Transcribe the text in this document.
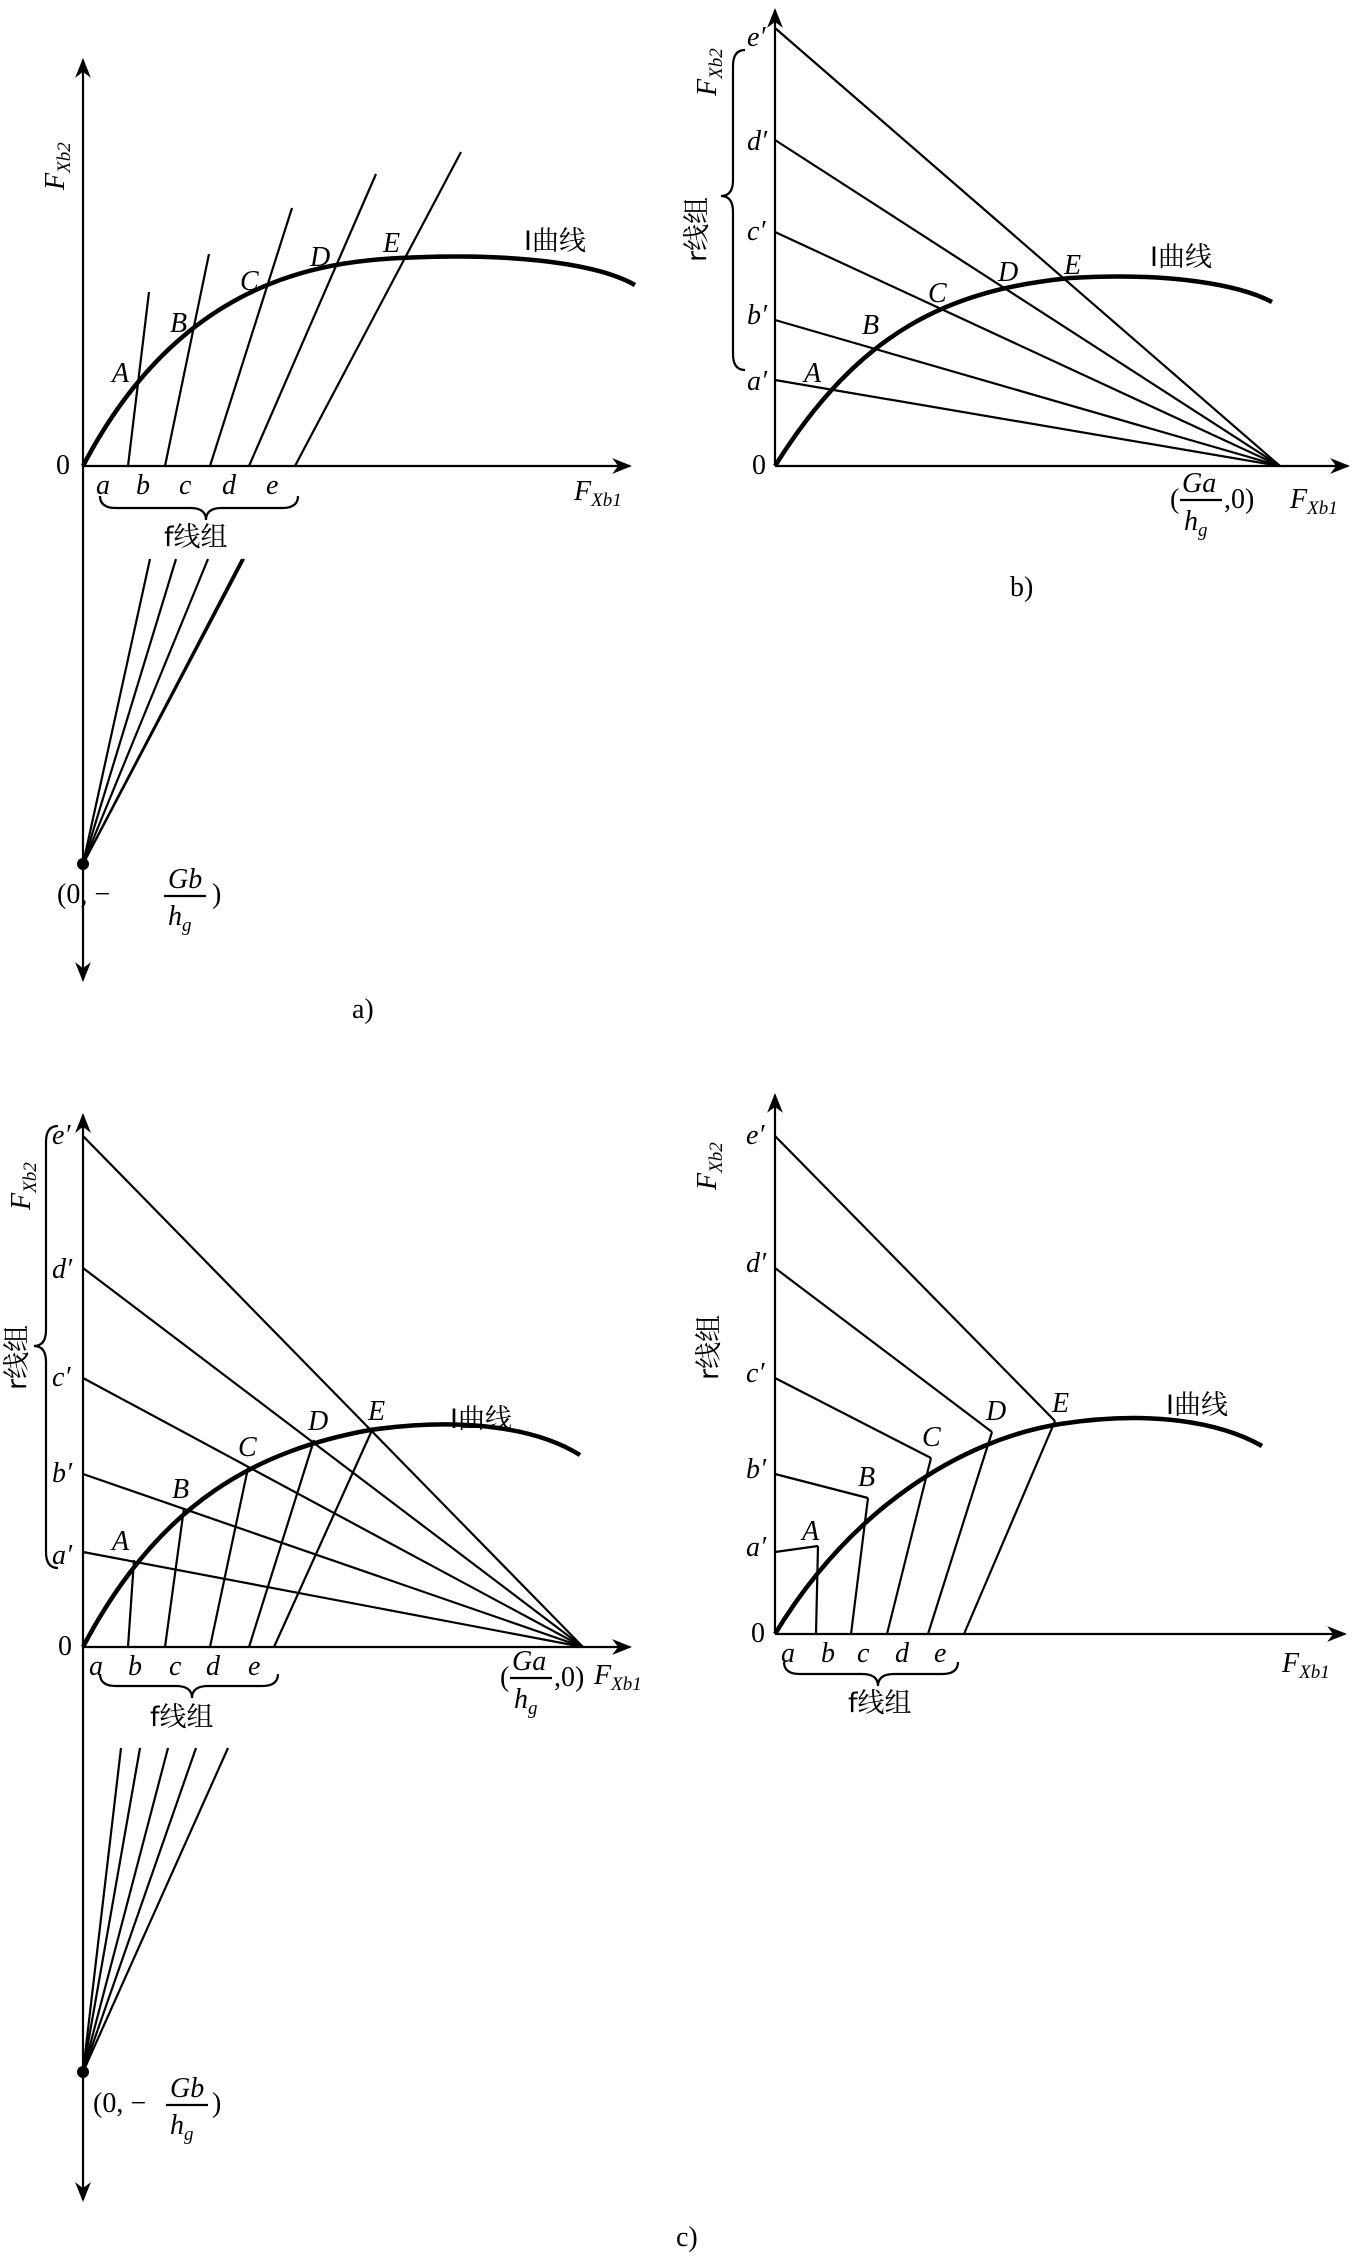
$F_{Xb2}$
$F_{Xb1}$
0
a b c d e
A
B
C
D E	I曲线
f线组
(0, − Gb
$h_g$
)
a)
$F_{Xb2}$
$F_{Xb1}$
0
a′
b′
c′
d′
e′
A
B
C
D E	I曲线
r线组
(
Ga
$h_g$
,0)
b)
$F_{Xb2}$
$F_{Xb1}$
0
a′
b′
c′
d′
e′
a b c d e
A
B
C
D E I曲线
f线组
r线组
(
Ga
$h_g$
,0)
(0, − Gb
$h_g$
)
$F_{Xb2}$
$F_{Xb1}$
0
a′
b′
c′
d′
e′
a b c d e
A
B
C
D E	I曲线
f线组
r线组
c)
